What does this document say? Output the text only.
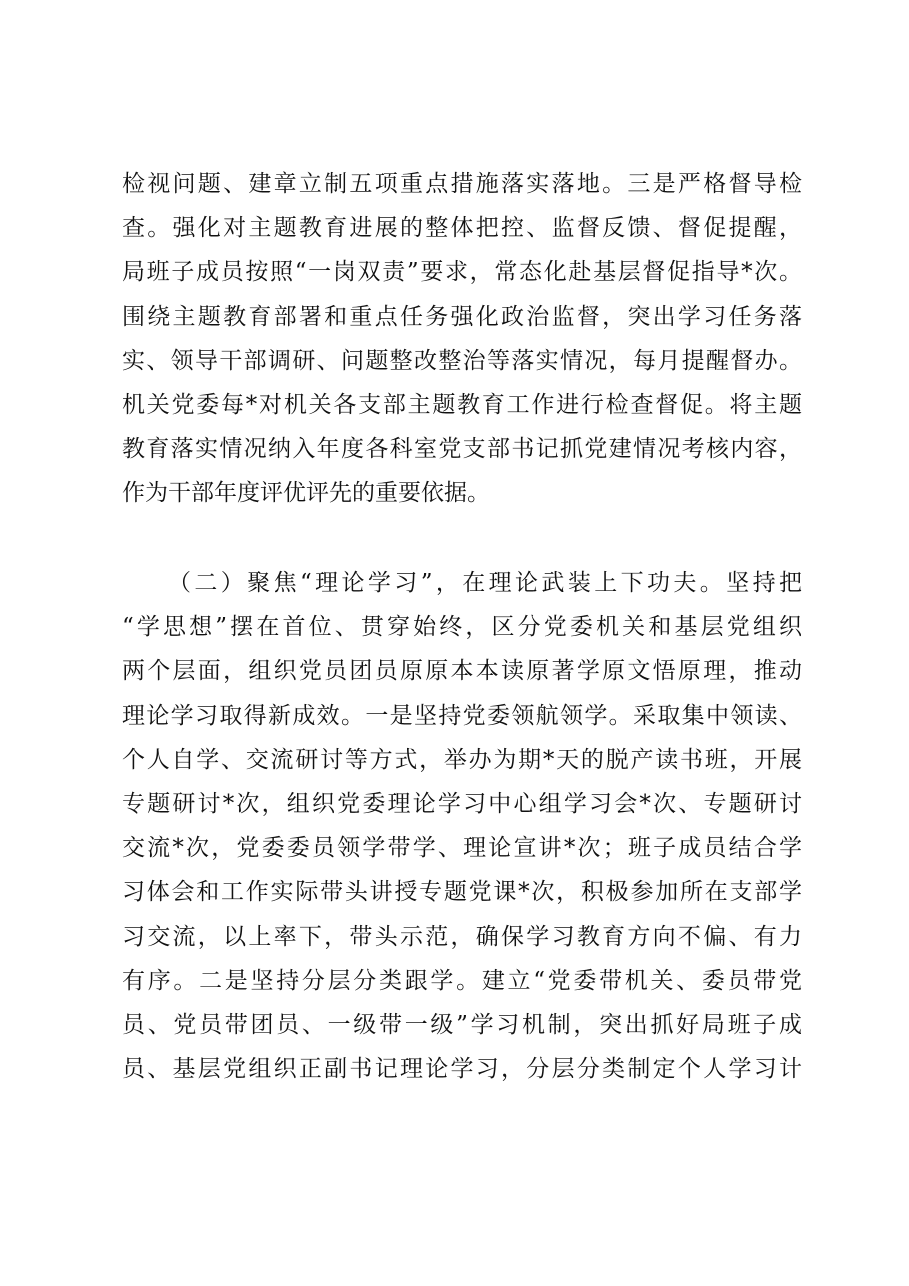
检视问题、建章立制五项重点措施落实落地。三是严格督导检
查。强化对主题教育进展的整体把控、监督反馈、督促提醒，
局班子成员按照“一岗双责”要求，常态化赴基层督促指导*次。
围绕主题教育部署和重点任务强化政治监督，突出学习任务落
实、领导干部调研、问题整改整治等落实情况，每月提醒督办。
机关党委每*对机关各支部主题教育工作进行检查督促。将主题
教育落实情况纳入年度各科室党支部书记抓党建情况考核内容，
作为干部年度评优评先的重要依据。
（二）聚焦“理论学习”，在理论武装上下功夫。坚持把
“学思想”摆在首位、贯穿始终，区分党委机关和基层党组织
两个层面，组织党员团员原原本本读原著学原文悟原理，推动
理论学习取得新成效。一是坚持党委领航领学。采取集中领读、
个人自学、交流研讨等方式，举办为期*天的脱产读书班，开展
专题研讨*次，组织党委理论学习中心组学习会*次、专题研讨
交流*次，党委委员领学带学、理论宣讲*次；班子成员结合学
习体会和工作实际带头讲授专题党课*次，积极参加所在支部学
习交流，以上率下，带头示范，确保学习教育方向不偏、有力
有序。二是坚持分层分类跟学。建立“党委带机关、委员带党
员、党员带团员、一级带一级”学习机制，突出抓好局班子成
员、基层党组织正副书记理论学习，分层分类制定个人学习计
